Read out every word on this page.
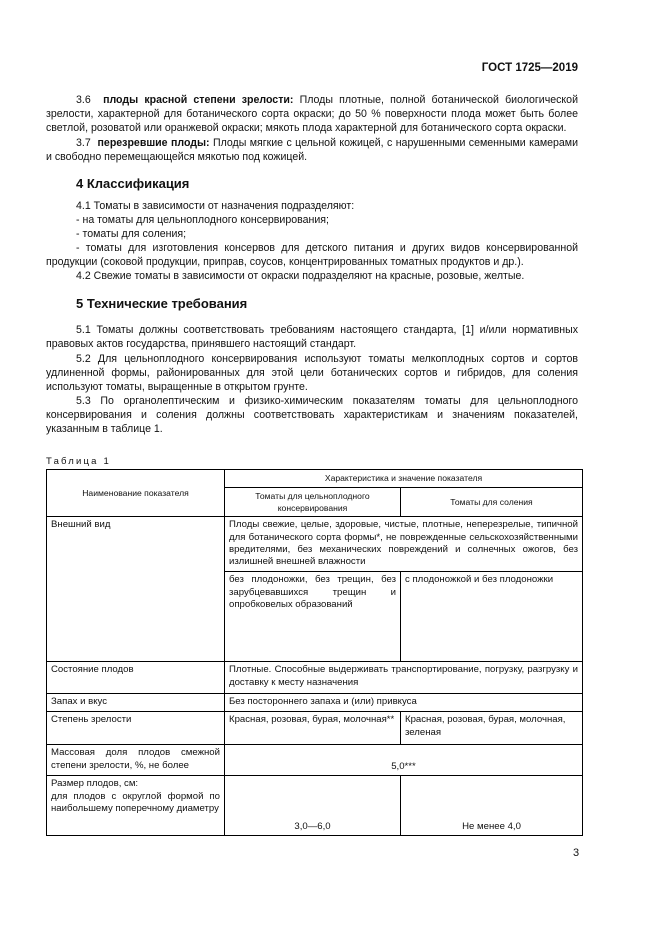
ГОСТ 1725—2019
3.6 плоды красной степени зрелости: Плоды плотные, полной ботанической биологической зрелости, характерной для ботанического сорта окраски; до 50 % поверхности плода может быть более светлой, розоватой или оранжевой окраски; мякоть плода характерной для ботанического сорта окраски.
3.7 перезревшие плоды: Плоды мягкие с цельной кожицей, с нарушенными семенными камерами и свободно перемещающейся мякотью под кожицей.
4 Классификация
4.1 Томаты в зависимости от назначения подразделяют:
- на томаты для цельноплодного консервирования;
- томаты для соления;
- томаты для изготовления консервов для детского питания и других видов консервированной продукции (соковой продукции, приправ, соусов, концентрированных томатных продуктов и др.).
4.2 Свежие томаты в зависимости от окраски подразделяют на красные, розовые, желтые.
5 Технические требования
5.1 Томаты должны соответствовать требованиям настоящего стандарта, [1] и/или нормативных правовых актов государства, принявшего настоящий стандарт.
5.2 Для цельноплодного консервирования используют томаты мелкоплодных сортов и сортов удлиненной формы, районированных для этой цели ботанических сортов и гибридов, для соления используют томаты, выращенные в открытом грунте.
5.3 По органолептическим и физико-химическим показателям томаты для цельноплодного консервирования и соления должны соответствовать характеристикам и значениям показателей, указанным в таблице 1.
Таблица 1
Наименование показателя	Характеристика и значение показателя	
	Томаты для цельноплодного консервирования	Томаты для соления
Внешний вид	Плоды свежие, целые, здоровые, чистые, плотные, неперезрелые, типичной для ботанического сорта формы*, не поврежденные сельскохозяйственными вредителями, без механических повреждений и солнечных ожогов, без излишней внешней влажности	
	без плодоножки, без трещин, без зарубцевавшихся трещин и опробковелых образований	с плодоножкой и без плодоножки
Состояние плодов	Плотные. Способные выдерживать транспортирование, погрузку, разгрузку и доставку к месту назначения	
Запах и вкус	Без постороннего запаха и (или) привкуса	
Степень зрелости	Красная, розовая, бурая, молочная**	Красная, розовая, бурая, молочная, зеленая
Массовая доля плодов смежной степени зрелости, %, не более	5,0***	

Размер плодов, см:
для плодов с округлой формой по наибольшему поперечному диаметру	3,0—6,0	Не менее 4,0
3
